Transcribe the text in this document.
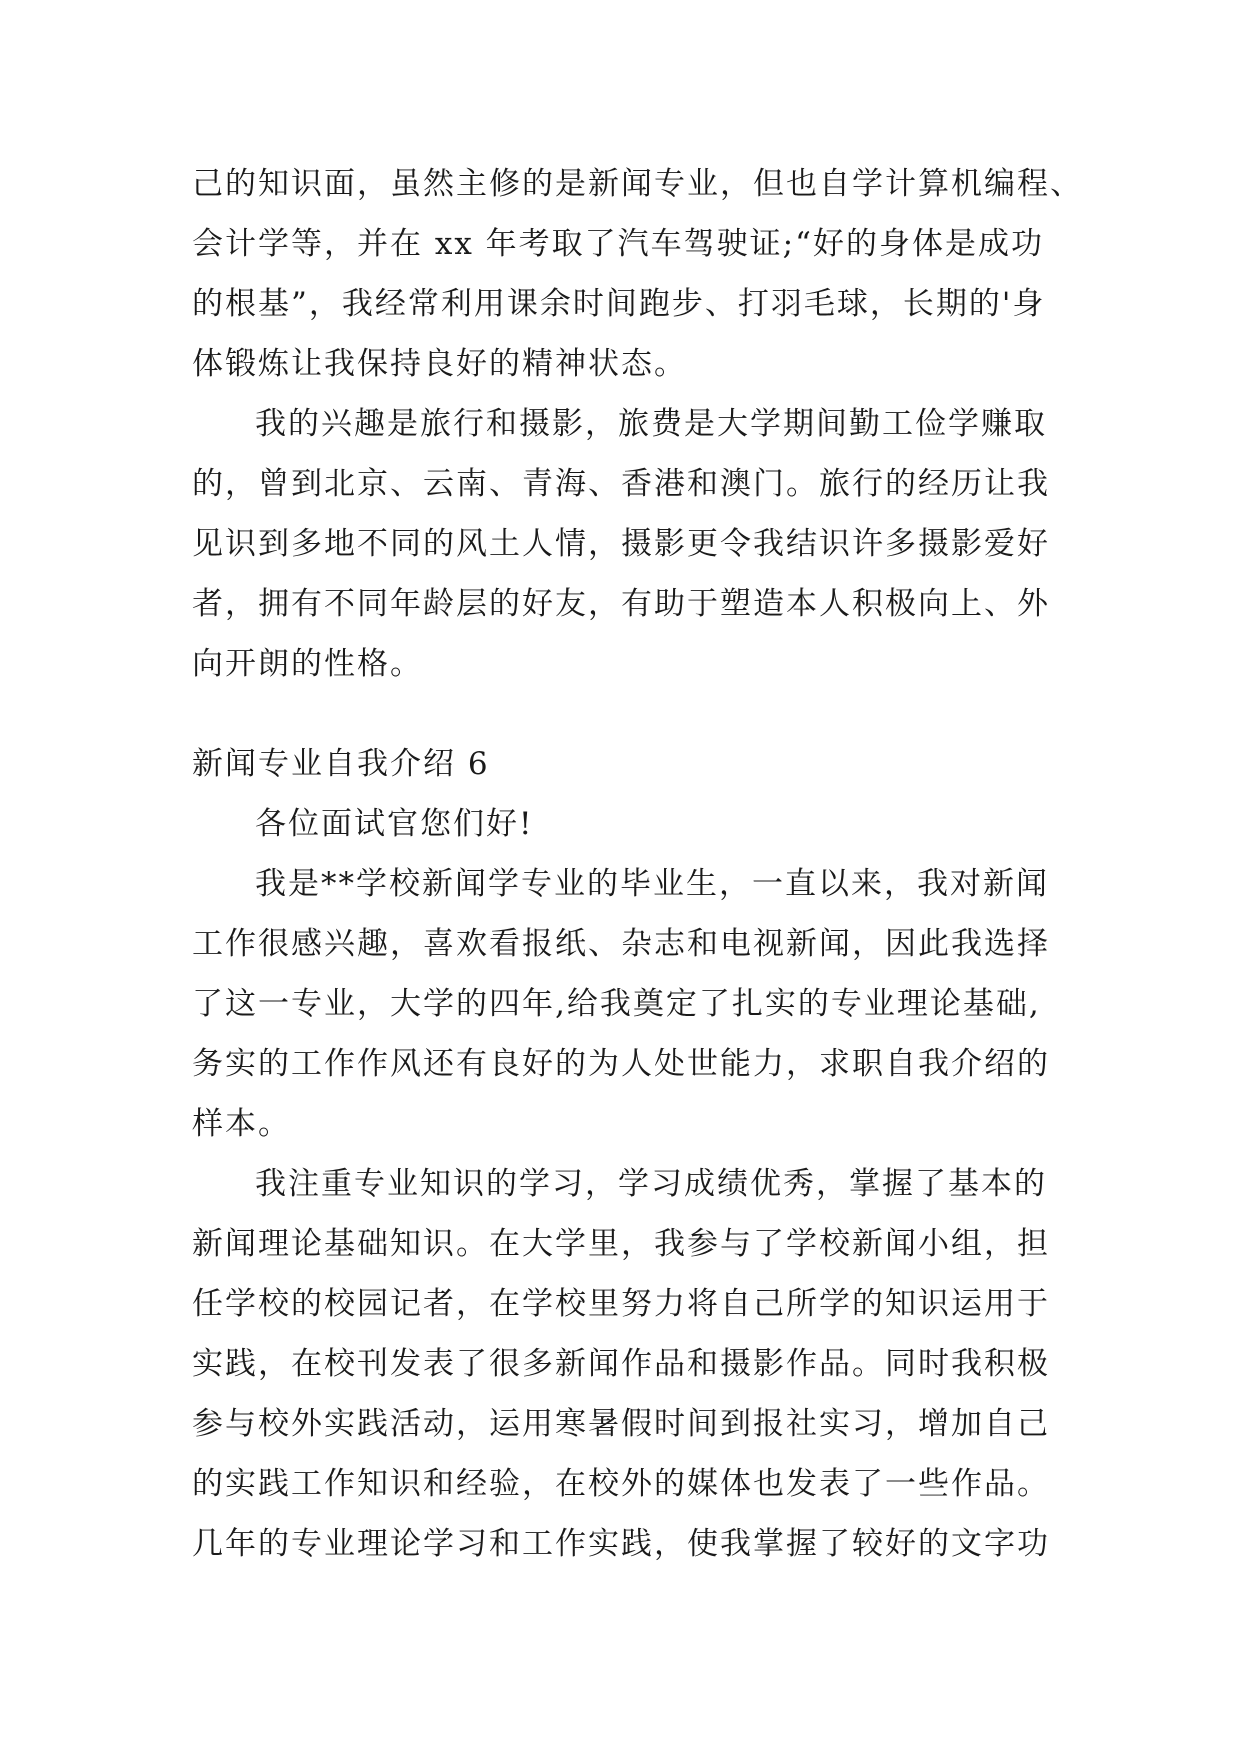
己的知识面，虽然主修的是新闻专业，但也自学计算机编程、
会计学等，并在 xx 年考取了汽车驾驶证;“好的身体是成功
的根基”，我经常利用课余时间跑步、打羽毛球，长期的'身
体锻炼让我保持良好的精神状态。
我的兴趣是旅行和摄影，旅费是大学期间勤工俭学赚取
的，曾到北京、云南、青海、香港和澳门。旅行的经历让我
见识到多地不同的风土人情，摄影更令我结识许多摄影爱好
者，拥有不同年龄层的好友，有助于塑造本人积极向上、外
向开朗的性格。
新闻专业自我介绍 6
各位面试官您们好!
我是**学校新闻学专业的毕业生，一直以来，我对新闻
工作很感兴趣，喜欢看报纸、杂志和电视新闻，因此我选择
了这一专业，大学的四年,给我奠定了扎实的专业理论基础,
务实的工作作风还有良好的为人处世能力，求职自我介绍的
样本。
我注重专业知识的学习，学习成绩优秀，掌握了基本的
新闻理论基础知识。在大学里，我参与了学校新闻小组，担
任学校的校园记者，在学校里努力将自己所学的知识运用于
实践，在校刊发表了很多新闻作品和摄影作品。同时我积极
参与校外实践活动，运用寒暑假时间到报社实习，增加自己
的实践工作知识和经验，在校外的媒体也发表了一些作品。
几年的专业理论学习和工作实践，使我掌握了较好的文字功
